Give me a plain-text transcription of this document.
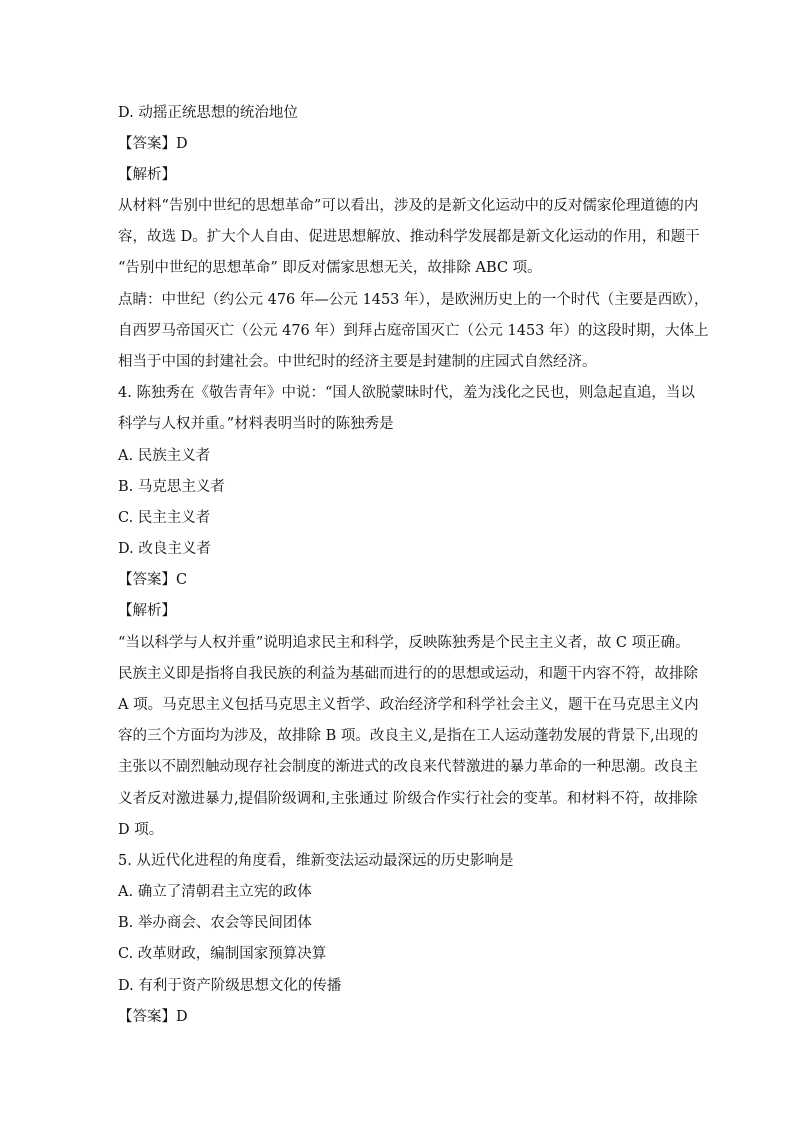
D. 动摇正统思想的统治地位
【答案】D
【解析】
从材料“告别中世纪的思想革命”可以看出，涉及的是新文化运动中的反对儒家伦理道德的内
容，故选 D。扩大个人自由、促进思想解放、推动科学发展都是新文化运动的作用，和题干
“告别中世纪的思想革命” 即反对儒家思想无关，故排除 ABC 项。
点睛：中世纪（约公元 476 年—公元 1453 年），是欧洲历史上的一个时代（主要是西欧），
自西罗马帝国灭亡（公元 476 年）到拜占庭帝国灭亡（公元 1453 年）的这段时期，大体上
相当于中国的封建社会。中世纪时的经济主要是封建制的庄园式自然经济。
4. 陈独秀在《敬告青年》中说：“国人欲脱蒙昧时代，羞为浅化之民也，则急起直追，当以
科学与人权并重。”材料表明当时的陈独秀是
A. 民族主义者
B. 马克思主义者
C. 民主主义者
D. 改良主义者
【答案】C
【解析】
“当以科学与人权并重”说明追求民主和科学，反映陈独秀是个民主主义者，故 C 项正确。
民族主义即是指将自我民族的利益为基础而进行的的思想或运动，和题干内容不符，故排除
A 项。马克思主义包括马克思主义哲学、政治经济学和科学社会主义，题干在马克思主义内
容的三个方面均为涉及，故排除 B 项。改良主义,是指在工人运动蓬勃发展的背景下,出现的
主张以不剧烈触动现存社会制度的渐进式的改良来代替激进的暴力革命的一种思潮。改良主
义者反对激进暴力,提倡阶级调和,主张通过 阶级合作实行社会的变革。和材料不符，故排除
D 项。
5. 从近代化进程的角度看，维新变法运动最深远的历史影响是
A. 确立了清朝君主立宪的政体
B. 举办商会、农会等民间团体
C. 改革财政，编制国家预算决算
D. 有利于资产阶级思想文化的传播
【答案】D
